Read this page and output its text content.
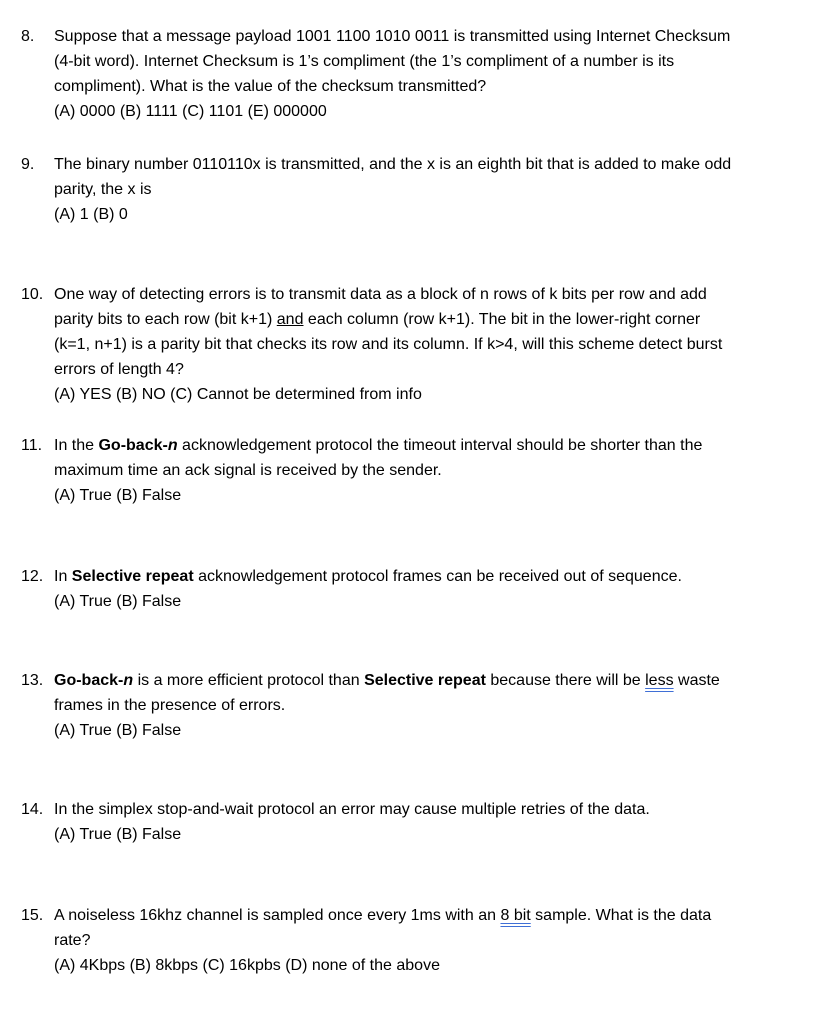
8. Suppose that a message payload 1001 1100 1010 0011 is transmitted using Internet Checksum
(4-bit word). Internet Checksum is 1’s compliment (the 1’s compliment of a number is its
compliment). What is the value of the checksum transmitted?
(A) 0000 (B) 1111 (C) 1101 (E) 000000
9. The binary number 0110110x is transmitted, and the x is an eighth bit that is added to make odd
parity, the x is
(A) 1 (B) 0
10. One way of detecting errors is to transmit data as a block of n rows of k bits per row and add
parity bits to each row (bit k+1) and each column (row k+1). The bit in the lower-right corner
(k=1, n+1) is a parity bit that checks its row and its column. If k>4, will this scheme detect burst
errors of length 4?
(A) YES (B) NO (C) Cannot be determined from info
11. In the Go-back-n acknowledgement protocol the timeout interval should be shorter than the
maximum time an ack signal is received by the sender.
(A) True (B) False
12. In Selective repeat acknowledgement protocol frames can be received out of sequence.
(A) True (B) False
13. Go-back-n is a more efficient protocol than Selective repeat because there will be less waste
frames in the presence of errors.
(A) True (B) False
14. In the simplex stop-and-wait protocol an error may cause multiple retries of the data.
(A) True (B) False
15. A noiseless 16khz channel is sampled once every 1ms with an 8 bit sample. What is the data
rate?
(A) 4Kbps (B) 8kbps (C) 16kpbs (D) none of the above
